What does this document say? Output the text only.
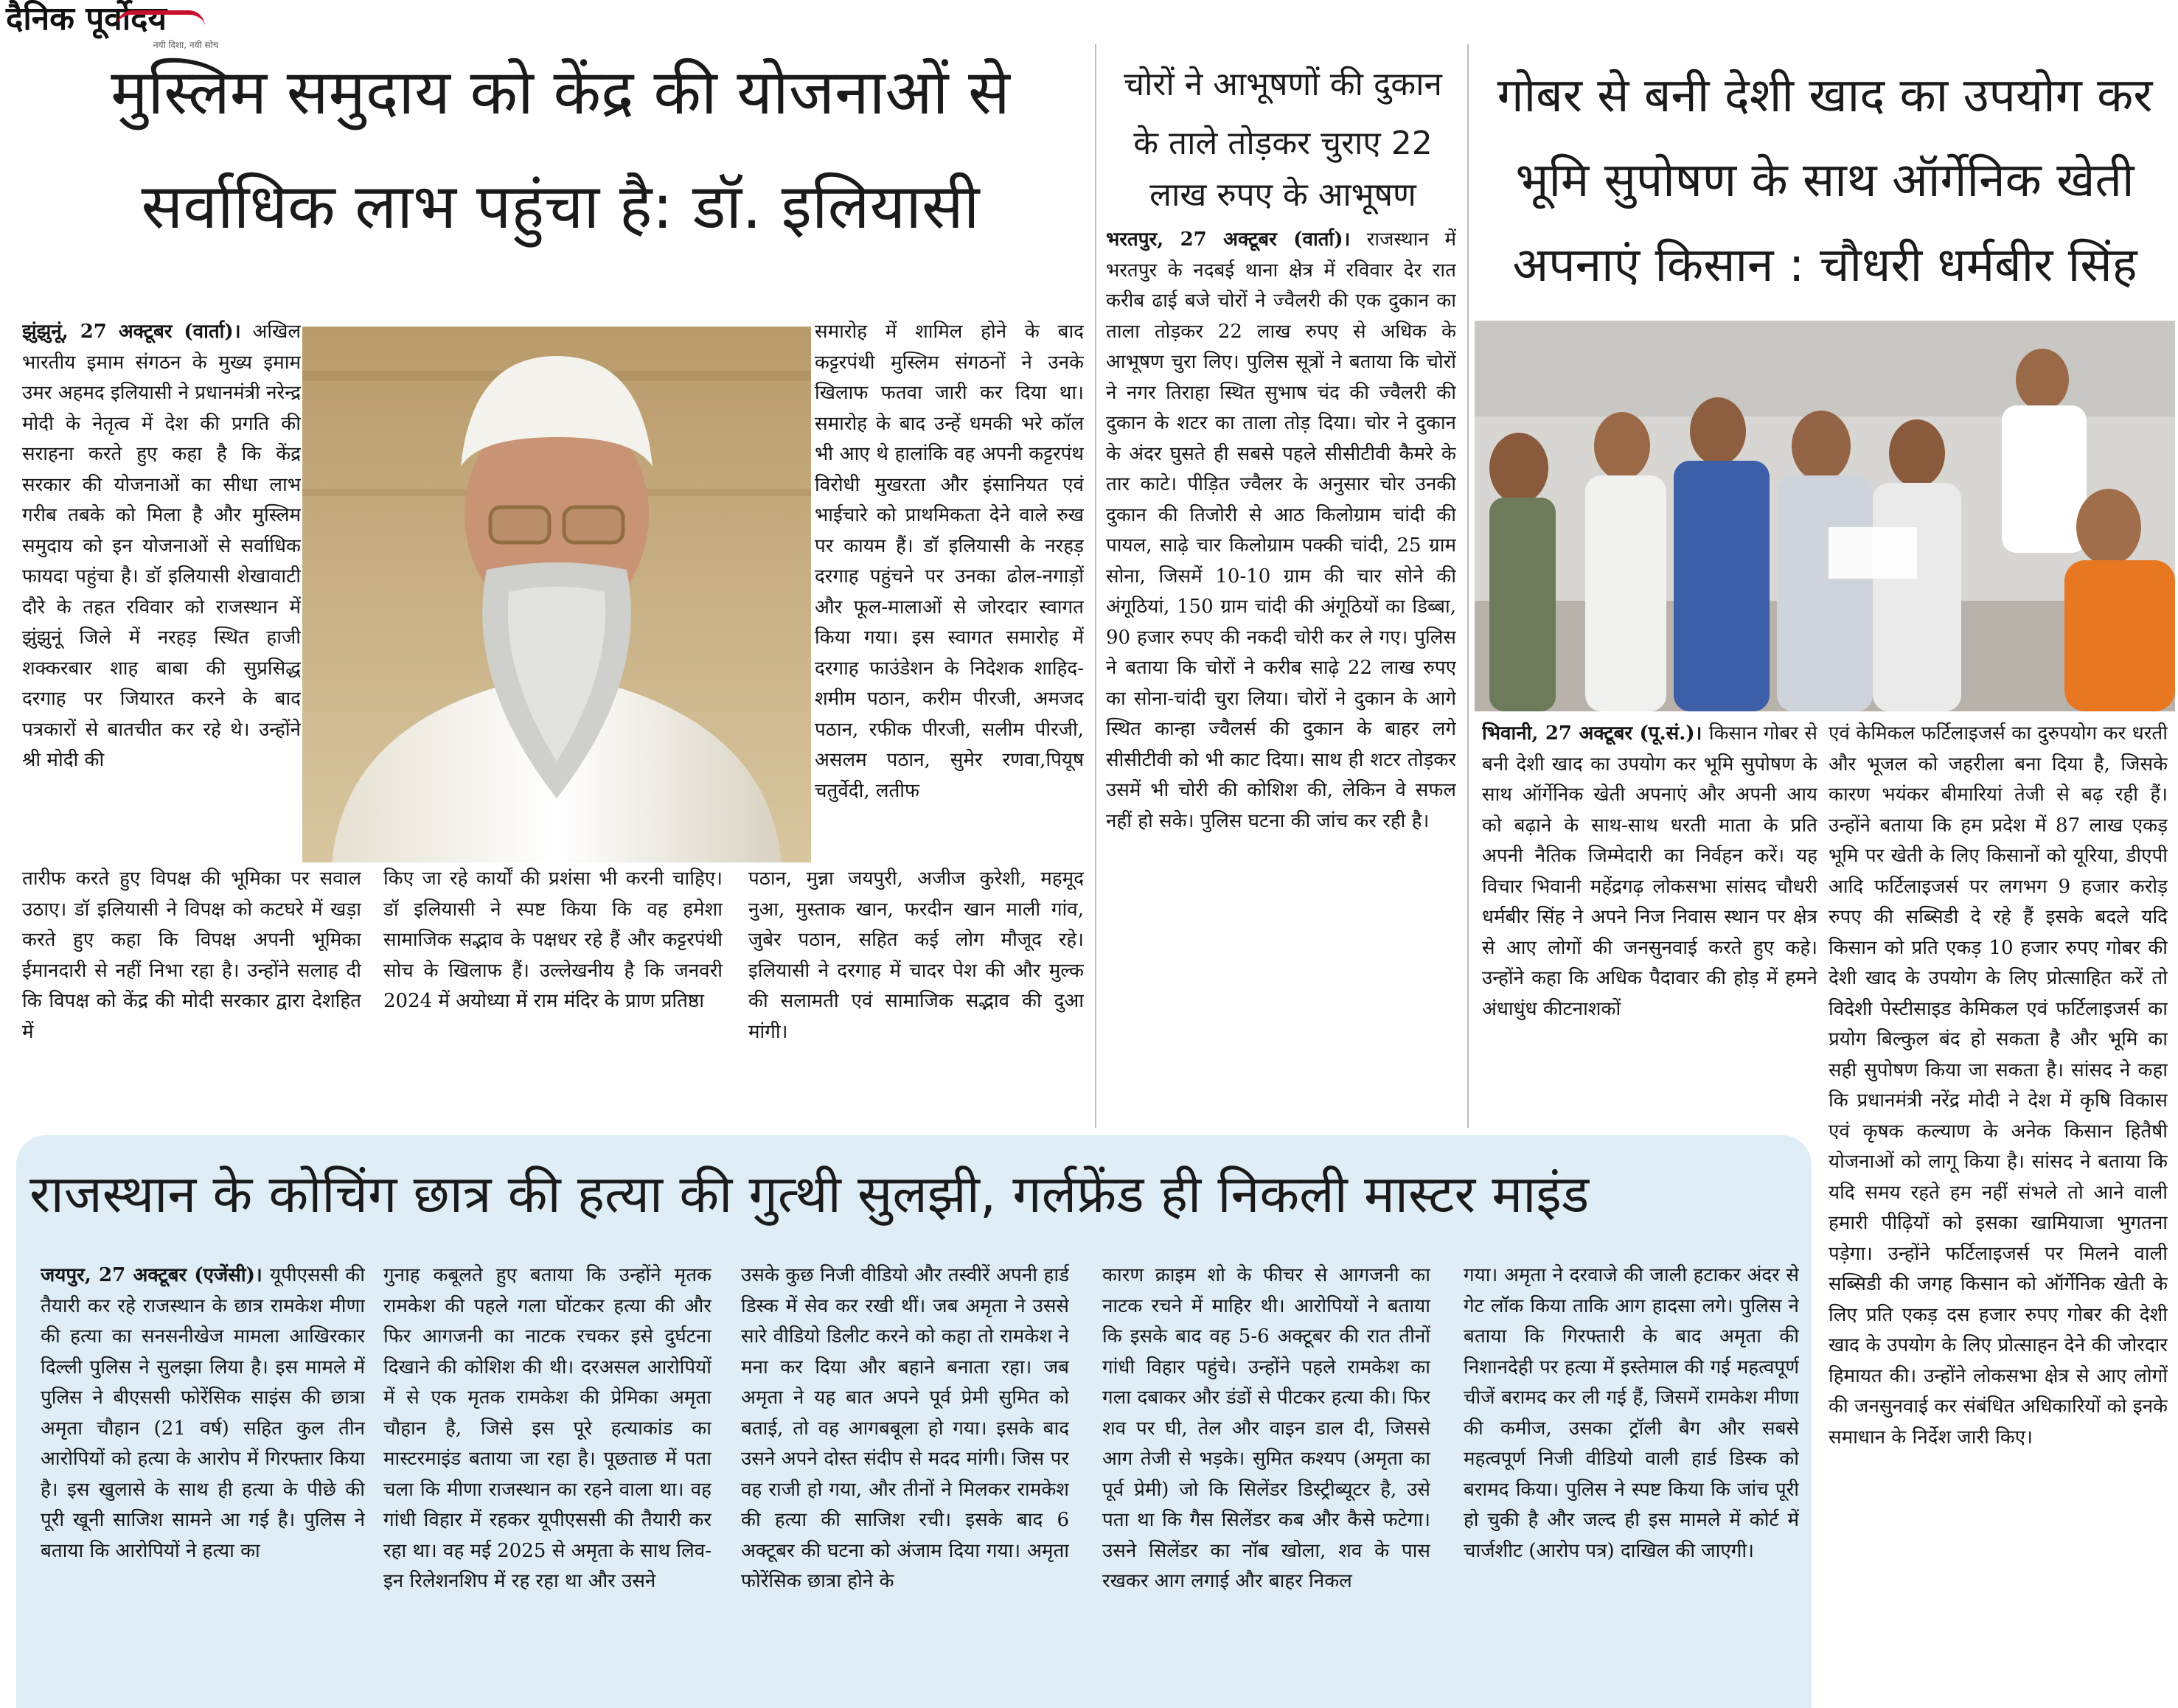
दैनिक पूर्वोदय
नयी दिशा, नयी सोच
मुस्लिम समुदाय को केंद्र की योजनाओं से
सर्वाधिक लाभ पहुंचा है: डॉ. इलियासी
झुंझुनूं, 27 अक्टूबर (वार्ता)। अखिल भारतीय इमाम संगठन के मुख्य इमाम उमर अहमद इलियासी ने प्रधानमंत्री नरेन्द्र मोदी के नेतृत्व में देश की प्रगति की सराहना करते हुए कहा है कि केंद्र सरकार की योजनाओं का सीधा लाभ गरीब तबके को मिला है और मुस्लिम समुदाय को इन योजनाओं से सर्वाधिक फायदा पहुंचा है। डॉ इलियासी शेखावाटी दौरे के तहत रविवार को राजस्थान में झुंझुनूं जिले में नरहड़ स्थित हाजी शक्करबार शाह बाबा की सुप्रसिद्ध दरगाह पर जियारत करने के बाद पत्रकारों से बातचीत कर रहे थे। उन्होंने श्री मोदी की
तारीफ करते हुए विपक्ष की भूमिका पर सवाल उठाए। डॉ इलियासी ने विपक्ष को कटघरे में खड़ा करते हुए कहा कि विपक्ष अपनी भूमिका ईमानदारी से नहीं निभा रहा है। उन्होंने सलाह दी कि विपक्ष को केंद्र की मोदी सरकार द्वारा देशहित में
किए जा रहे कार्यों की प्रशंसा भी करनी चाहिए। डॉ इलियासी ने स्पष्ट किया कि वह हमेशा सामाजिक सद्भाव के पक्षधर रहे हैं और कट्टरपंथी सोच के खिलाफ हैं। उल्लेखनीय है कि जनवरी 2024 में अयोध्या में राम मंदिर के प्राण प्रतिष्ठा
समारोह में शामिल होने के बाद कट्टरपंथी मुस्लिम संगठनों ने उनके खिलाफ फतवा जारी कर दिया था। समारोह के बाद उन्हें धमकी भरे कॉल भी आए थे हालांकि वह अपनी कट्टरपंथ विरोधी मुखरता और इंसानियत एवं भाईचारे को प्राथमिकता देने वाले रुख पर कायम हैं। डॉ इलियासी के नरहड़ दरगाह पहुंचने पर उनका ढोल-नगाड़ों और फूल-मालाओं से जोरदार स्वागत किया गया। इस स्वागत समारोह में दरगाह फाउंडेशन के निदेशक शाहिद-शमीम पठान, करीम पीरजी, अमजद पठान, रफीक पीरजी, सलीम पीरजी, असलम पठान, सुमेर रणवा,पियूष चतुर्वेदी, लतीफ
पठान, मुन्ना जयपुरी, अजीज कुरेशी, महमूद नुआ, मुस्ताक खान, फरदीन खान माली गांव, जुबेर पठान, सहित कई लोग मौजूद रहे। इलियासी ने दरगाह में चादर पेश की और मुल्क की सलामती एवं सामाजिक सद्भाव की दुआ मांगी।
चोरों ने आभूषणों की दुकान
के ताले तोड़कर चुराए 22
लाख रुपए के आभूषण
भरतपुर, 27 अक्टूबर (वार्ता)। राजस्थान में भरतपुर के नदबई थाना क्षेत्र में रविवार देर रात करीब ढाई बजे चोरों ने ज्वैलरी की एक दुकान का ताला तोड़कर 22 लाख रुपए से अधिक के आभूषण चुरा लिए। पुलिस सूत्रों ने बताया कि चोरों ने नगर तिराहा स्थित सुभाष चंद की ज्वैलरी की दुकान के शटर का ताला तोड़ दिया। चोर ने दुकान के अंदर घुसते ही सबसे पहले सीसीटीवी कैमरे के तार काटे। पीड़ित ज्वैलर के अनुसार चोर उनकी दुकान की तिजोरी से आठ किलोग्राम चांदी की पायल, साढ़े चार किलोग्राम पक्की चांदी, 25 ग्राम सोना, जिसमें 10-10 ग्राम की चार सोने की अंगूठियां, 150 ग्राम चांदी की अंगूठियों का डिब्बा, 90 हजार रुपए की नकदी चोरी कर ले गए। पुलिस ने बताया कि चोरों ने करीब साढ़े 22 लाख रुपए का सोना-चांदी चुरा लिया। चोरों ने दुकान के आगे स्थित कान्हा ज्वैलर्स की दुकान के बाहर लगे सीसीटीवी को भी काट दिया। साथ ही शटर तोड़कर उसमें भी चोरी की कोशिश की, लेकिन वे सफल नहीं हो सके। पुलिस घटना की जांच कर रही है।
गोबर से बनी देशी खाद का उपयोग कर
भूमि सुपोषण के साथ ऑर्गेनिक खेती
अपनाएं किसान : चौधरी धर्मबीर सिंह
भिवानी, 27 अक्टूबर (पू.सं.)। किसान गोबर से बनी देशी खाद का उपयोग कर भूमि सुपोषण के साथ ऑर्गेनिक खेती अपनाएं और अपनी आय को बढ़ाने के साथ-साथ धरती माता के प्रति अपनी नैतिक जिम्मेदारी का निर्वहन करें। यह विचार भिवानी महेंद्रगढ़ लोकसभा सांसद चौधरी धर्मबीर सिंह ने अपने निज निवास स्थान पर क्षेत्र से आए लोगों की जनसुनवाई करते हुए कहे। उन्होंने कहा कि अधिक पैदावार की होड़ में हमने अंधाधुंध कीटनाशकों
एवं केमिकल फर्टिलाइजर्स का दुरुपयोग कर धरती और भूजल को जहरीला बना दिया है, जिसके कारण भयंकर बीमारियां तेजी से बढ़ रही हैं। उन्होंने बताया कि हम प्रदेश में 87 लाख एकड़ भूमि पर खेती के लिए किसानों को यूरिया, डीएपी आदि फर्टिलाइजर्स पर लगभग 9 हजार करोड़ रुपए की सब्सिडी दे रहे हैं इसके बदले यदि किसान को प्रति एकड़ 10 हजार रुपए गोबर की देशी खाद के उपयोग के लिए प्रोत्साहित करें तो विदेशी पेस्टीसाइड केमिकल एवं फर्टिलाइजर्स का प्रयोग बिल्कुल बंद हो सकता है और भूमि का सही सुपोषण किया जा सकता है। सांसद ने कहा कि प्रधानमंत्री नरेंद्र मोदी ने देश में कृषि विकास एवं कृषक कल्याण के अनेक किसान हितैषी योजनाओं को लागू किया है। सांसद ने बताया कि यदि समय रहते हम नहीं संभले तो आने वाली हमारी पीढ़ियों को इसका खामियाजा भुगतना पड़ेगा। उन्होंने फर्टिलाइजर्स पर मिलने वाली सब्सिडी की जगह किसान को ऑर्गेनिक खेती के लिए प्रति एकड़ दस हजार रुपए गोबर की देशी खाद के उपयोग के लिए प्रोत्साहन देने की जोरदार हिमायत की। उन्होंने लोकसभा क्षेत्र से आए लोगों की जनसुनवाई कर संबंधित अधिकारियों को इनके समाधान के निर्देश जारी किए।
राजस्थान के कोचिंग छात्र की हत्या की गुत्थी सुलझी, गर्लफ्रेंड ही निकली मास्टर माइंड
जयपुर, 27 अक्टूबर (एजेंसी)। यूपीएससी की तैयारी कर रहे राजस्थान के छात्र रामकेश मीणा की हत्या का सनसनीखेज मामला आखिरकार दिल्ली पुलिस ने सुलझा लिया है। इस मामले में पुलिस ने बीएससी फोरेंसिक साइंस की छात्रा अमृता चौहान (21 वर्ष) सहित कुल तीन आरोपियों को हत्या के आरोप में गिरफ्तार किया है। इस खुलासे के साथ ही हत्या के पीछे की पूरी खूनी साजिश सामने आ गई है। पुलिस ने बताया कि आरोपियों ने हत्या का
गुनाह कबूलते हुए बताया कि उन्होंने मृतक रामकेश की पहले गला घोंटकर हत्या की और फिर आगजनी का नाटक रचकर इसे दुर्घटना दिखाने की कोशिश की थी। दरअसल आरोपियों में से एक मृतक रामकेश की प्रेमिका अमृता चौहान है, जिसे इस पूरे हत्याकांड का मास्टरमाइंड बताया जा रहा है। पूछताछ में पता चला कि मीणा राजस्थान का रहने वाला था। वह गांधी विहार में रहकर यूपीएससी की तैयारी कर रहा था। वह मई 2025 से अमृता के साथ लिव-इन रिलेशनशिप में रह रहा था और उसने
उसके कुछ निजी वीडियो और तस्वीरें अपनी हार्ड डिस्क में सेव कर रखी थीं। जब अमृता ने उससे सारे वीडियो डिलीट करने को कहा तो रामकेश ने मना कर दिया और बहाने बनाता रहा। जब अमृता ने यह बात अपने पूर्व प्रेमी सुमित को बताई, तो वह आगबबूला हो गया। इसके बाद उसने अपने दोस्त संदीप से मदद मांगी। जिस पर वह राजी हो गया, और तीनों ने मिलकर रामकेश की हत्या की साजिश रची। इसके बाद 6 अक्टूबर की घटना को अंजाम दिया गया। अमृता फोरेंसिक छात्रा होने के
कारण क्राइम शो के फीचर से आगजनी का नाटक रचने में माहिर थी। आरोपियों ने बताया कि इसके बाद वह 5-6 अक्टूबर की रात तीनों गांधी विहार पहुंचे। उन्होंने पहले रामकेश का गला दबाकर और डंडों से पीटकर हत्या की। फिर शव पर घी, तेल और वाइन डाल दी, जिससे आग तेजी से भड़के। सुमित कश्यप (अमृता का पूर्व प्रेमी) जो कि सिलेंडर डिस्ट्रीब्यूटर है, उसे पता था कि गैस सिलेंडर कब और कैसे फटेगा। उसने सिलेंडर का नॉब खोला, शव के पास रखकर आग लगाई और बाहर निकल
गया। अमृता ने दरवाजे की जाली हटाकर अंदर से गेट लॉक किया ताकि आग हादसा लगे। पुलिस ने बताया कि गिरफ्तारी के बाद अमृता की निशानदेही पर हत्या में इस्तेमाल की गई महत्वपूर्ण चीजें बरामद कर ली गई हैं, जिसमें रामकेश मीणा की कमीज, उसका ट्रॉली बैग और सबसे महत्वपूर्ण निजी वीडियो वाली हार्ड डिस्क को बरामद किया। पुलिस ने स्पष्ट किया कि जांच पूरी हो चुकी है और जल्द ही इस मामले में कोर्ट में चार्जशीट (आरोप पत्र) दाखिल की जाएगी।
